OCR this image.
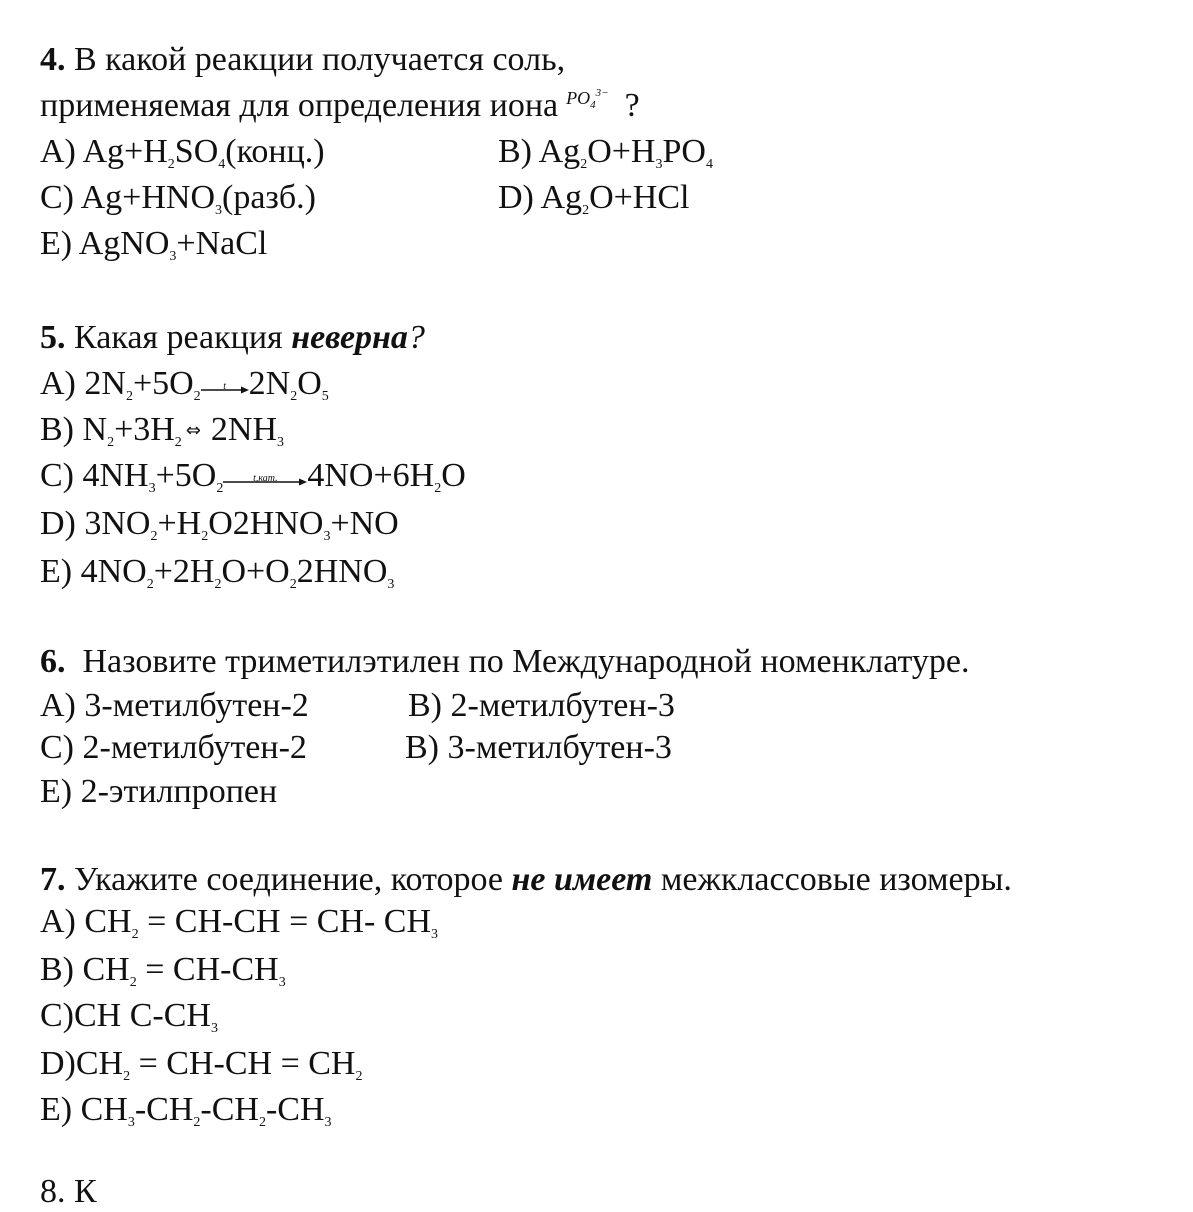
4. В какой реакции получается соль,
применяемая для определения иона $^{PO_4^{3-}}$ ?
A) $Ag+H_2SO_4(конц.)$	B) $Ag_2O+H_3PO_4$
C) $Ag+HNO_3(разб.)$	D) $Ag_2O+HCl$
E) AgNO$_3$+NaCl
5. Какая реакция неверна?
A) $2N_2+5O_2$
t $2N_2O_5$
B) $N_2+3H_2\Leftrightarrow$ $2NH_3$
C) $4NH_3+5O_2$
t,кат. $4NO+6H_2O$
D) $3NO_2+H_2O2HNO_3+NO$
E) $4NO_2+2H_2O+O_22HNO_3$
6. Назовите триметилэтилен по Международной номенклатуре.
A) 3-метилбутен-2	B) 2-метилбутен-3
C) 2-метилбутен-2	B) 3-метилбутен-3
E) 2-этилпропен
7. Укажите соединение, которое не имеет межклассовые изомеры.
A) $CH_2 = CH-CH = CH-$ $CH_3$
B) $CH_2 = CH-CH_3$
C)CH $C-CH_3$
$D)CH_2 = CH-CH = CH_2$
E) $CH_3-CH_2-CH_2-CH_3$
8. К
